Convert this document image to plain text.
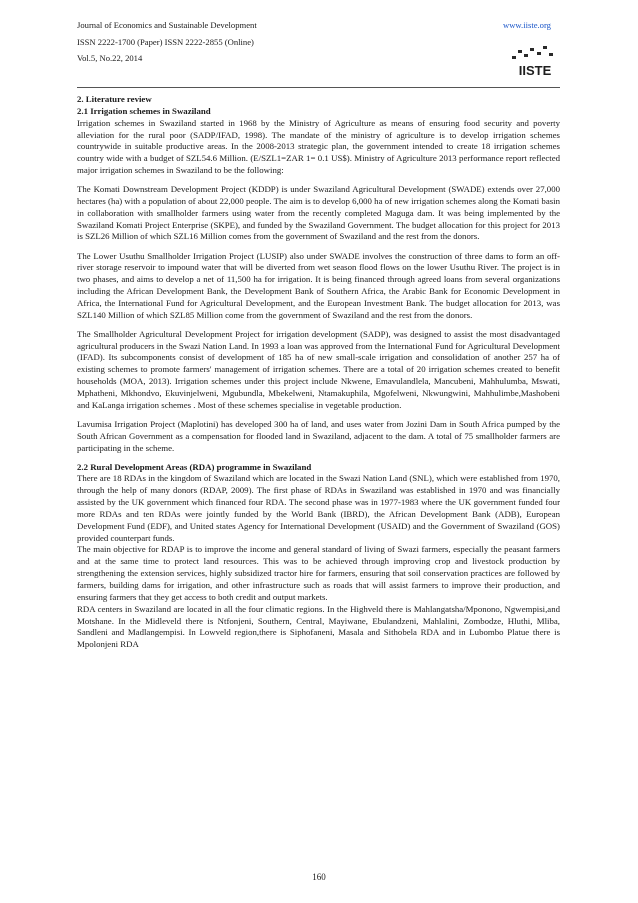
Journal of Economics and Sustainable Development
ISSN 2222-1700 (Paper) ISSN 2222-2855 (Online)
Vol.5, No.22, 2014
www.iiste.org
IISTE
2. Literature review
2.1 Irrigation schemes in Swaziland

Irrigation schemes in Swaziland started in 1968 by the Ministry of Agriculture as means of ensuring food security and poverty alleviation for the rural poor (SADP/IFAD, 1998). The mandate of the ministry of agriculture is to develop irrigation schemes countrywide in suitable productive areas. In the 2008-2013 strategic plan, the government intended to create 18 irrigation schemes country wide with a budget of SZL54.6 Million. (E/SZL1=ZAR 1= 0.1 US$). Ministry of Agriculture 2013 performance report reflected major irrigation schemes in Swaziland to be the following:

The Komati Downstream Development Project (KDDP) is under Swaziland Agricultural Development (SWADE) extends over 27,000 hectares (ha) with a population of about 22,000 people. The aim is to develop 6,000 ha of new irrigation schemes along the Komati basin in collaboration with smallholder farmers using water from the recently completed Maguga dam. It was being implemented by the Swaziland Komati Project Enterprise (SKPE), and funded by the Swaziland Government. The budget allocation for this project for 2013 is SZL26 Million of which SZL16 Million comes from the government of Swaziland and the rest from the donors.

The Lower Usuthu Smallholder Irrigation Project (LUSIP) also under SWADE involves the construction of three dams to form an off-river storage reservoir to impound water that will be diverted from wet season flood flows on the lower Usuthu River. The project is in two phases, and aims to develop a net of 11,500 ha for irrigation. It is being financed through agreed loans from several organizations including the African Development Bank, the Development Bank of Southern Africa, the Arabic Bank for Economic Development in Africa, the International Fund for Agricultural Development, and the European Investment Bank. The budget allocation for 2013, was SZL140 Million of which SZL85 Million come from the government of Swaziland and the rest from the donors.

The Smallholder Agricultural Development Project for irrigation development (SADP), was designed to assist the most disadvantaged agricultural producers in the Swazi Nation Land. In 1993 a loan was approved from the International Fund for Agricultural Development (IFAD). Its subcomponents consist of development of 185 ha of new small-scale irrigation and consolidation of another 257 ha of existing schemes to promote farmers' management of irrigation schemes. There are a total of 20 irrigation schemes created to benefit households (MOA, 2013). Irrigation schemes under this project include Nkwene, Emavulandlela, Mancubeni, Mahhulumba, Mswati, Mphatheni, Mkhondvo, Ekuvinjelweni, Mgubundla, Mbekelweni, Ntamakuphila, Mgofelweni, Nkwungwini, Mahhulimbe,Mashobeni and KaLanga irrigation schemes . Most of these schemes specialise in vegetable production.

Lavumisa Irrigation Project (Maplotini) has developed 300 ha of land, and uses water from Jozini Dam in South Africa pumped by the South African Government as a compensation for flooded land in Swaziland, adjacent to the dam. A total of 75 smallholder farmers are participating in the scheme.

2.2 Rural Development Areas (RDA) programme in Swaziland

There are 18 RDAs in the kingdom of Swaziland which are located in the Swazi Nation Land (SNL), which were established from 1970, through the help of many donors (RDAP, 2009). The first phase of RDAs in Swaziland was established in 1970 and was financially assisted by the UK government which financed four RDA. The second phase was in 1977-1983 where the UK government funded four more RDAs and ten RDAs were jointly funded by the World Bank (IBRD), the African Development Bank (ADB), European Development Fund (EDF), and United states Agency for International Development (USAID) and the Government of Swaziland (GOS) provided counterpart funds.

The main objective for RDAP is to improve the income and general standard of living of Swazi farmers, especially the peasant farmers and at the same time to protect land resources. This was to be achieved through improving crop and livestock production by strengthening the extension services, highly subsidized tractor hire for farmers, ensuring that soil conservation practices are followed by farmers, building dams for irrigation, and other infrastructure such as roads that will assist farmers to improve their production, and ensuring farmers that they get access to both credit and output markets.

RDA centers in Swaziland are located in all the four climatic regions. In the Highveld there is Mahlangatsha/Mponono, Ngwempisi,and Motshane. In the Midleveld there is Ntfonjeni, Southern, Central, Mayiwane, Ebulandzeni, Mahlalini, Zombodze, Hluthi, Mliba, Sandleni and Madlangempisi. In Lowveld region,there is Siphofaneni, Masala and Sithobela RDA and in Lubombo Platue there is Mpolonjeni RDA

160
